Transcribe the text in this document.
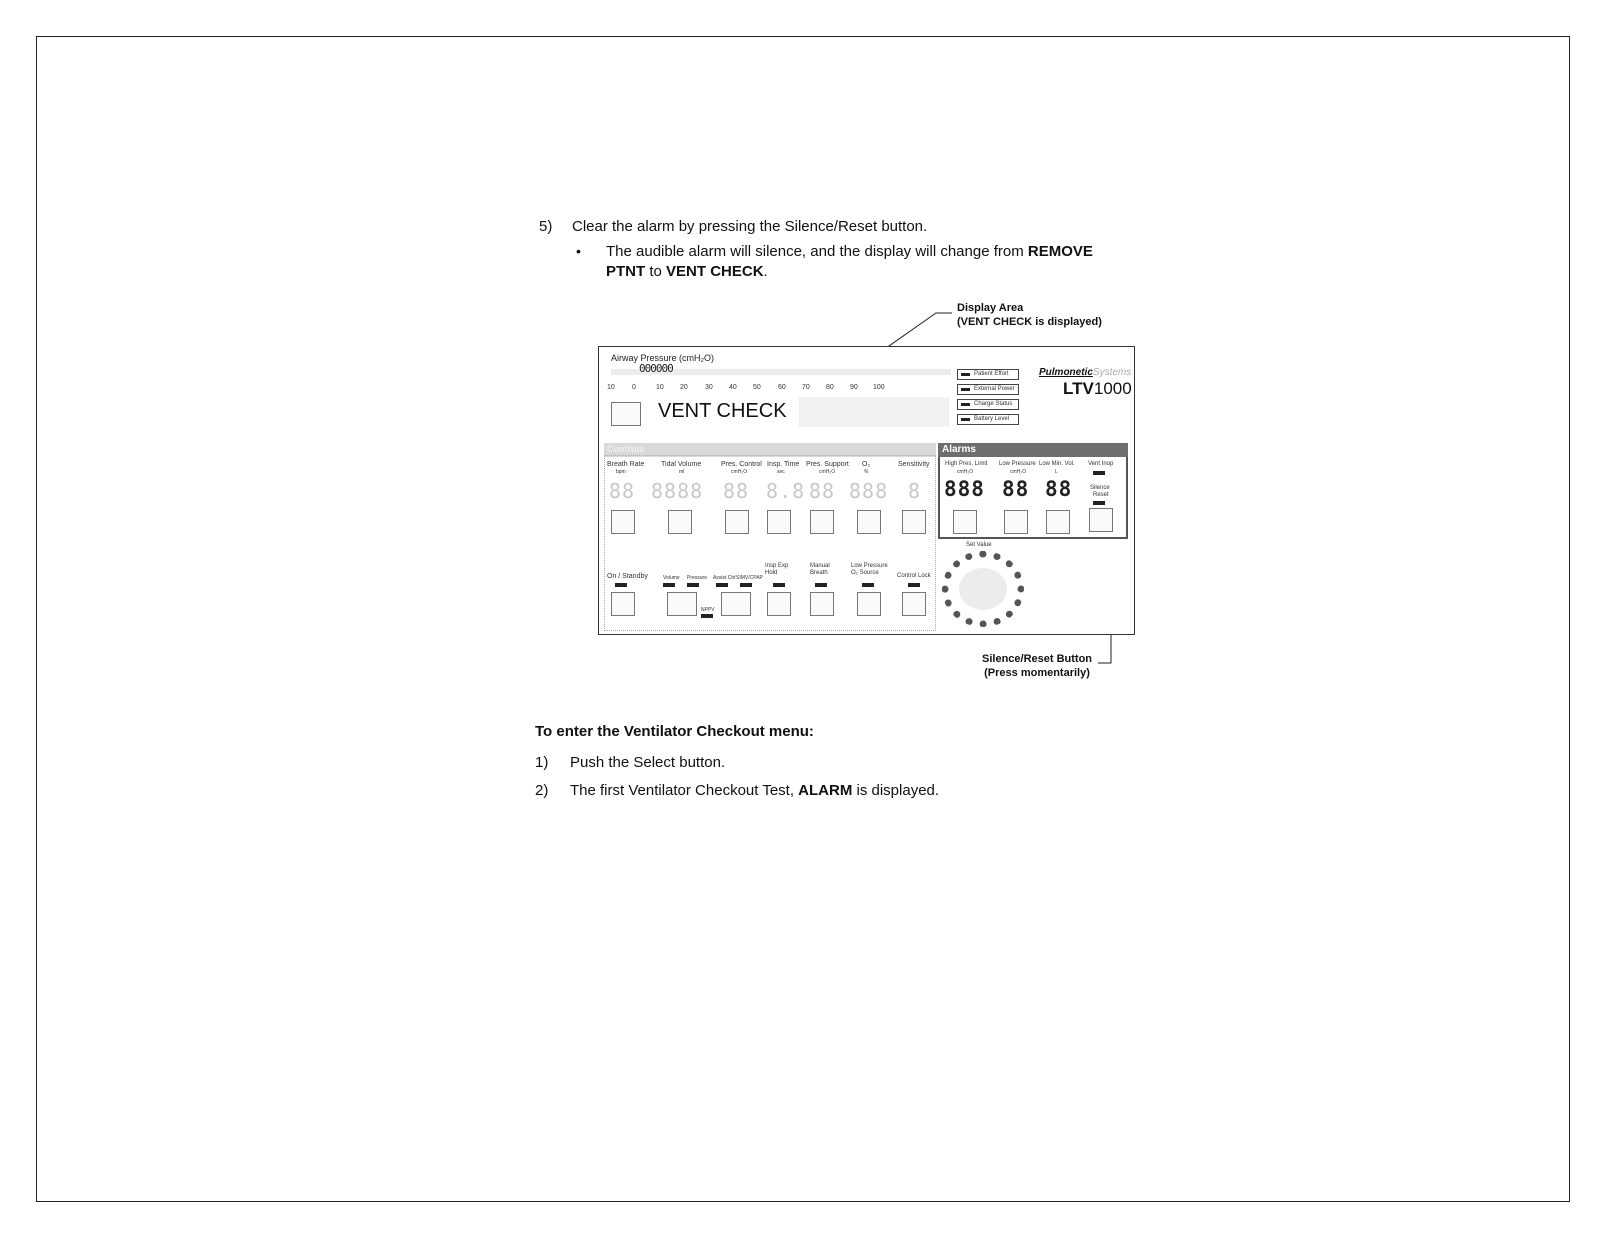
5) Clear the alarm by pressing the Silence/Reset button.
• The audible alarm will silence, and the display will change from REMOVE
PTNT to VENT CHECK.
Display Area
(VENT CHECK is displayed)
Silence/Reset Button
(Press momentarily)
Airway Pressure (cmH₂O)
000000
10 0	10 20 30 40 50 60 70 80 90 100
VENT CHECK
Patient Effort
External Power
Charge Status
Battery Level
PulmoneticSystems
LTV1000
Controls	Alarms
Breath Rate
bpm
88
Tidal Volume
ml
8888
Pres. Control
cmH₂O
88
Insp. Time
sec
8.8
Pres. Support
cmH₂O
88
O₂
%
888
Sensitivity
8
High Pres. Limit
cmH₂O
888
Low Pressure
cmH₂O
88
Low Min. Vol.
L
88
Vent Inop
Silence
Reset
Set Value
On / Standby	Volume Pressure Assist Ctrl SIMV/CPAP
NPPV
Insp Exp Hold
Manual Breath
Low Pressure O₂ Source	Control Lock
To enter the Ventilator Checkout menu:
1) Push the Select button.
2) The first Ventilator Checkout Test, ALARM is displayed.
